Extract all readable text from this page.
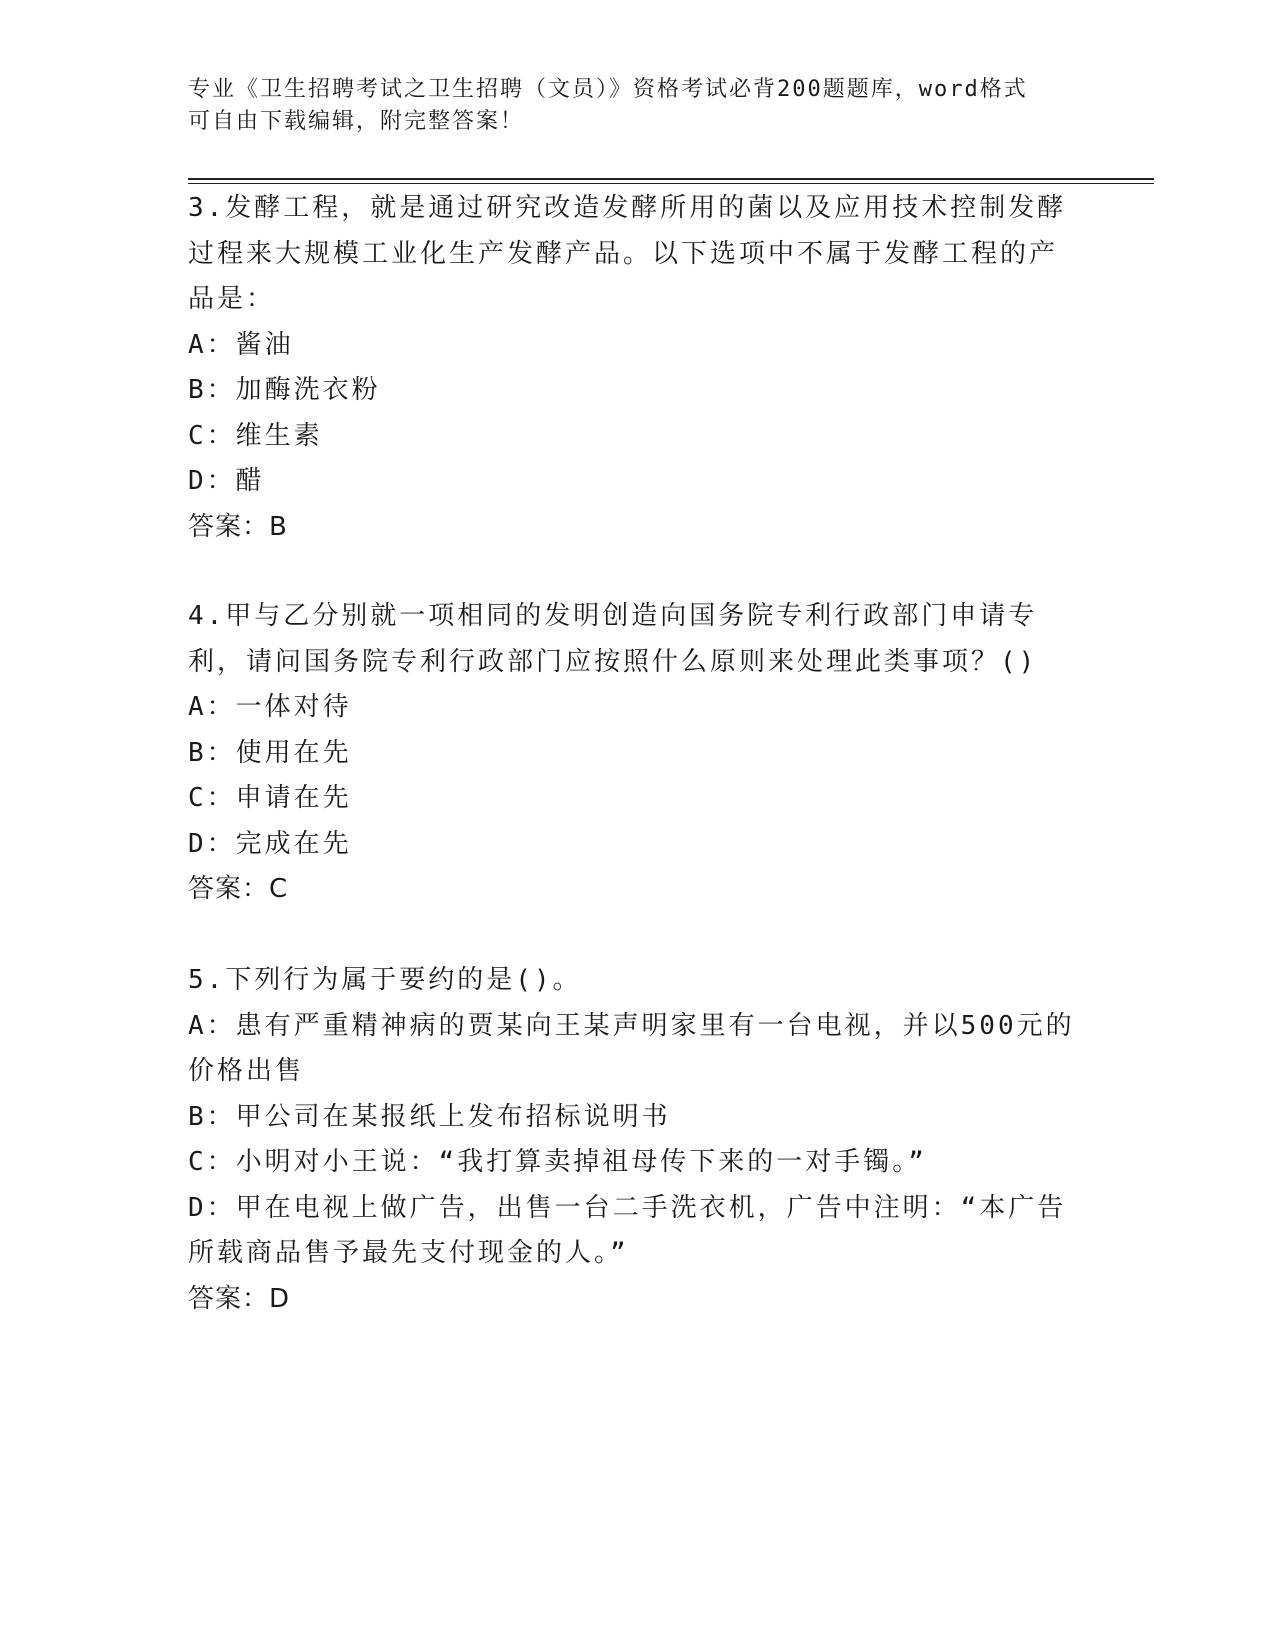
专业《卫生招聘考试之卫生招聘（文员）》资格考试必背200题题库，word格式
可自由下载编辑，附完整答案！

3.发酵工程，就是通过研究改造发酵所用的菌以及应用技术控制发酵过程来大规模工业化生产发酵产品。以下选项中不属于发酵工程的产品是：

A：酱油

B：加酶洗衣粉

C：维生素

D：醋

答案：B

4.甲与乙分别就一项相同的发明创造向国务院专利行政部门申请专利，请问国务院专利行政部门应按照什么原则来处理此类事项？()

A：一体对待

B：使用在先

C：申请在先

D：完成在先

答案：C

5.下列行为属于要约的是()。

A：患有严重精神病的贾某向王某声明家里有一台电视，并以500元的价格出售

B：甲公司在某报纸上发布招标说明书

C：小明对小王说：“我打算卖掉祖母传下来的一对手镯。”

D：甲在电视上做广告，出售一台二手洗衣机，广告中注明：“本广告所载商品售予最先支付现金的人。”

答案：D
